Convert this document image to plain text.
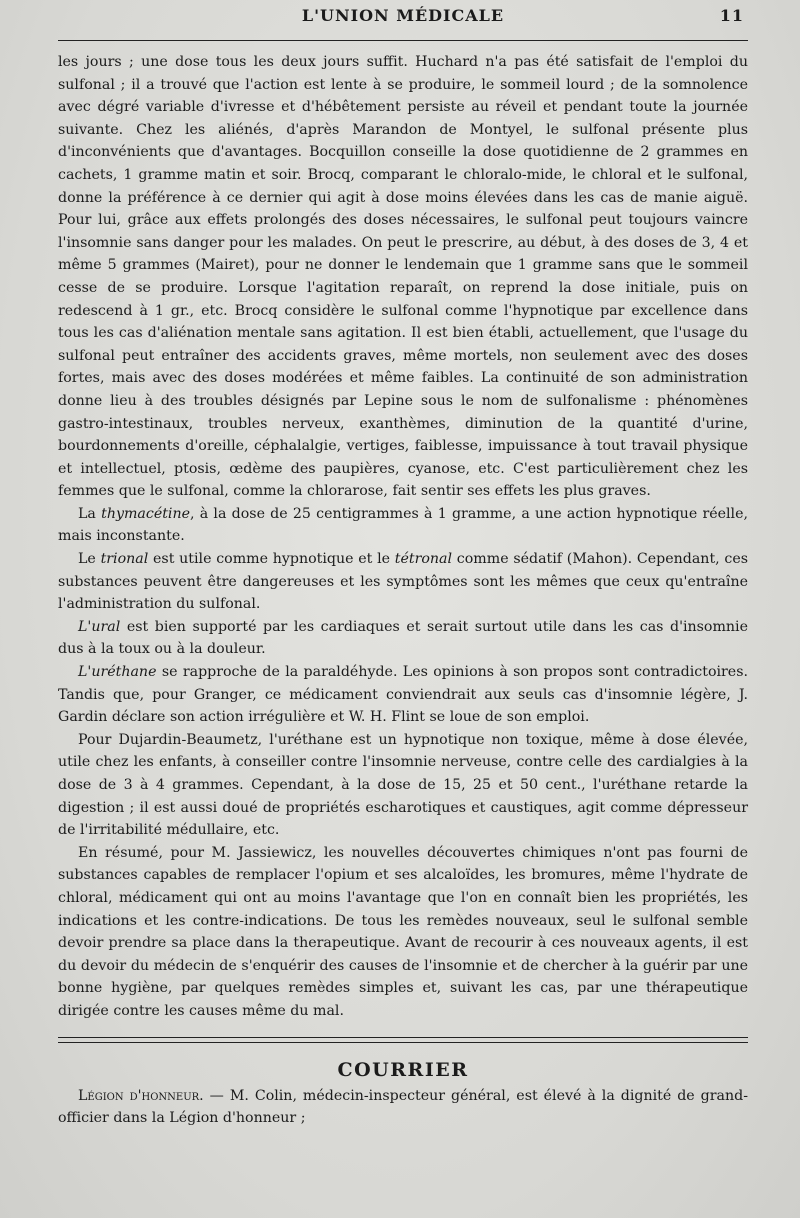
L'UNION MÉDICALE	11

les jours ; une dose tous les deux jours suffit. Huchard n'a pas été satisfait de l'emploi du sulfonal ; il a trouvé que l'action est lente à se produire, le sommeil lourd ; de la somnolence avec dégré variable d'ivresse et d'hébêtement persiste au réveil et pendant toute la journée suivante. Chez les aliénés, d'après Marandon de Montyel, le sulfonal présente plus d'inconvénients que d'avantages. Bocquillon conseille la dose quotidienne de 2 grammes en cachets, 1 gramme matin et soir. Brocq, comparant le chloralo-mide, le chloral et le sulfonal, donne la préférence à ce dernier qui agit à dose moins élevées dans les cas de manie aiguë. Pour lui, grâce aux effets prolongés des doses nécessaires, le sulfonal peut toujours vaincre l'insomnie sans danger pour les malades. On peut le prescrire, au début, à des doses de 3, 4 et même 5 grammes (Mairet), pour ne donner le lendemain que 1 gramme sans que le sommeil cesse de se produire. Lorsque l'agitation reparaît, on reprend la dose initiale, puis on redescend à 1 gr., etc. Brocq considère le sulfonal comme l'hypnotique par excellence dans tous les cas d'aliénation mentale sans agitation. Il est bien établi, actuellement, que l'usage du sulfonal peut entraîner des accidents graves, même mortels, non seulement avec des doses fortes, mais avec des doses modérées et même faibles. La continuité de son administration donne lieu à des troubles désignés par Lepine sous le nom de sulfonalisme : phénomènes gastro-intestinaux, troubles nerveux, exanthèmes, diminution de la quantité d'urine, bourdonnements d'oreille, céphalalgie, vertiges, faiblesse, impuissance à tout travail physique et intellectuel, ptosis, œdème des paupières, cyanose, etc. C'est particulièrement chez les femmes que le sulfonal, comme la chlorarose, fait sentir ses effets les plus graves.

La thymacétine, à la dose de 25 centigrammes à 1 gramme, a une action hypnotique réelle, mais inconstante.

Le trional est utile comme hypnotique et le tétronal comme sédatif (Mahon). Cependant, ces substances peuvent être dangereuses et les symptômes sont les mêmes que ceux qu'entraîne l'administration du sulfonal.

L'ural est bien supporté par les cardiaques et serait surtout utile dans les cas d'insomnie dus à la toux ou à la douleur.

L'uréthane se rapproche de la paraldéhyde. Les opinions à son propos sont contradictoires. Tandis que, pour Granger, ce médicament conviendrait aux seuls cas d'insomnie légère, J. Gardin déclare son action irrégulière et W. H. Flint se loue de son emploi.

Pour Dujardin-Beaumetz, l'uréthane est un hypnotique non toxique, même à dose élevée, utile chez les enfants, à conseiller contre l'insomnie nerveuse, contre celle des cardialgies à la dose de 3 à 4 grammes. Cependant, à la dose de 15, 25 et 50 cent., l'uréthane retarde la digestion ; il est aussi doué de propriétés escharotiques et caustiques, agit comme dépresseur de l'irritabilité médullaire, etc.

En résumé, pour M. Jassiewicz, les nouvelles découvertes chimiques n'ont pas fourni de substances capables de remplacer l'opium et ses alcaloïdes, les bromures, même l'hydrate de chloral, médicament qui ont au moins l'avantage que l'on en connaît bien les propriétés, les indications et les contre-indications. De tous les remèdes nouveaux, seul le sulfonal semble devoir prendre sa place dans la therapeutique. Avant de recourir à ces nouveaux agents, il est du devoir du médecin de s'enquérir des causes de l'insomnie et de chercher à la guérir par une bonne hygiène, par quelques remèdes simples et, suivant les cas, par une thérapeutique dirigée contre les causes même du mal.

COURRIER

Légion d'honneur. — M. Colin, médecin-inspecteur général, est élevé à la dignité de grand-officier dans la Légion d'honneur ;
